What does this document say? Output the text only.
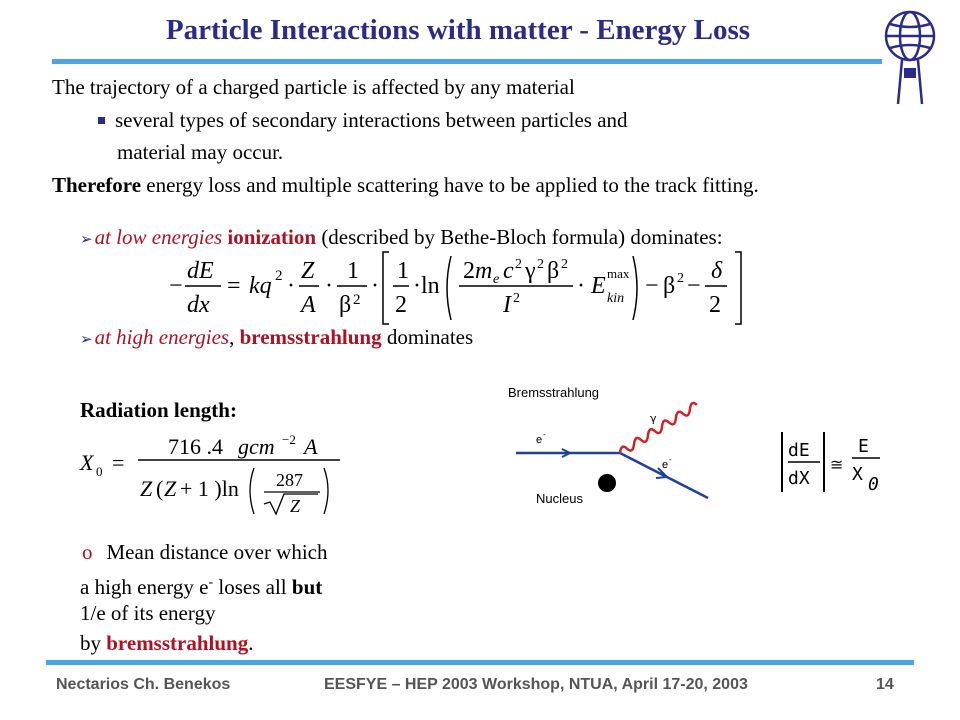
Particle Interactions with matter - Energy Loss
The trajectory of a charged particle is affected by any material
several types of secondary interactions between particles and
material may occur.
Therefore energy loss and multiple scattering have to be applied to the track fitting.
➢at low energies ionization (described by Bethe-Bloch formula) dominates:
−
dE
dx
= kq 2 ·
Z
A
·
1
β 2
·
1
2
·ln
2 m e c 2 γ 2 β 2
I 2 · E max
kin − β 2 −
δ
2
➢at high energies, bremsstrahlung dominates
Radiation length:
X 0 =
716 .4 gcm −2 A
Z ( Z + 1 )ln 287
Z
o Mean distance over which
a high energy e- loses all but
1/e of its energy
by bremsstrahlung.
Bremsstrahlung
γ
e -
e -
Nucleus
dE
dX
≅
E
X 0
Nectarios Ch. Benekos	EESFYE – HEP 2003 Workshop, NTUA, April 17-20, 2003	14
